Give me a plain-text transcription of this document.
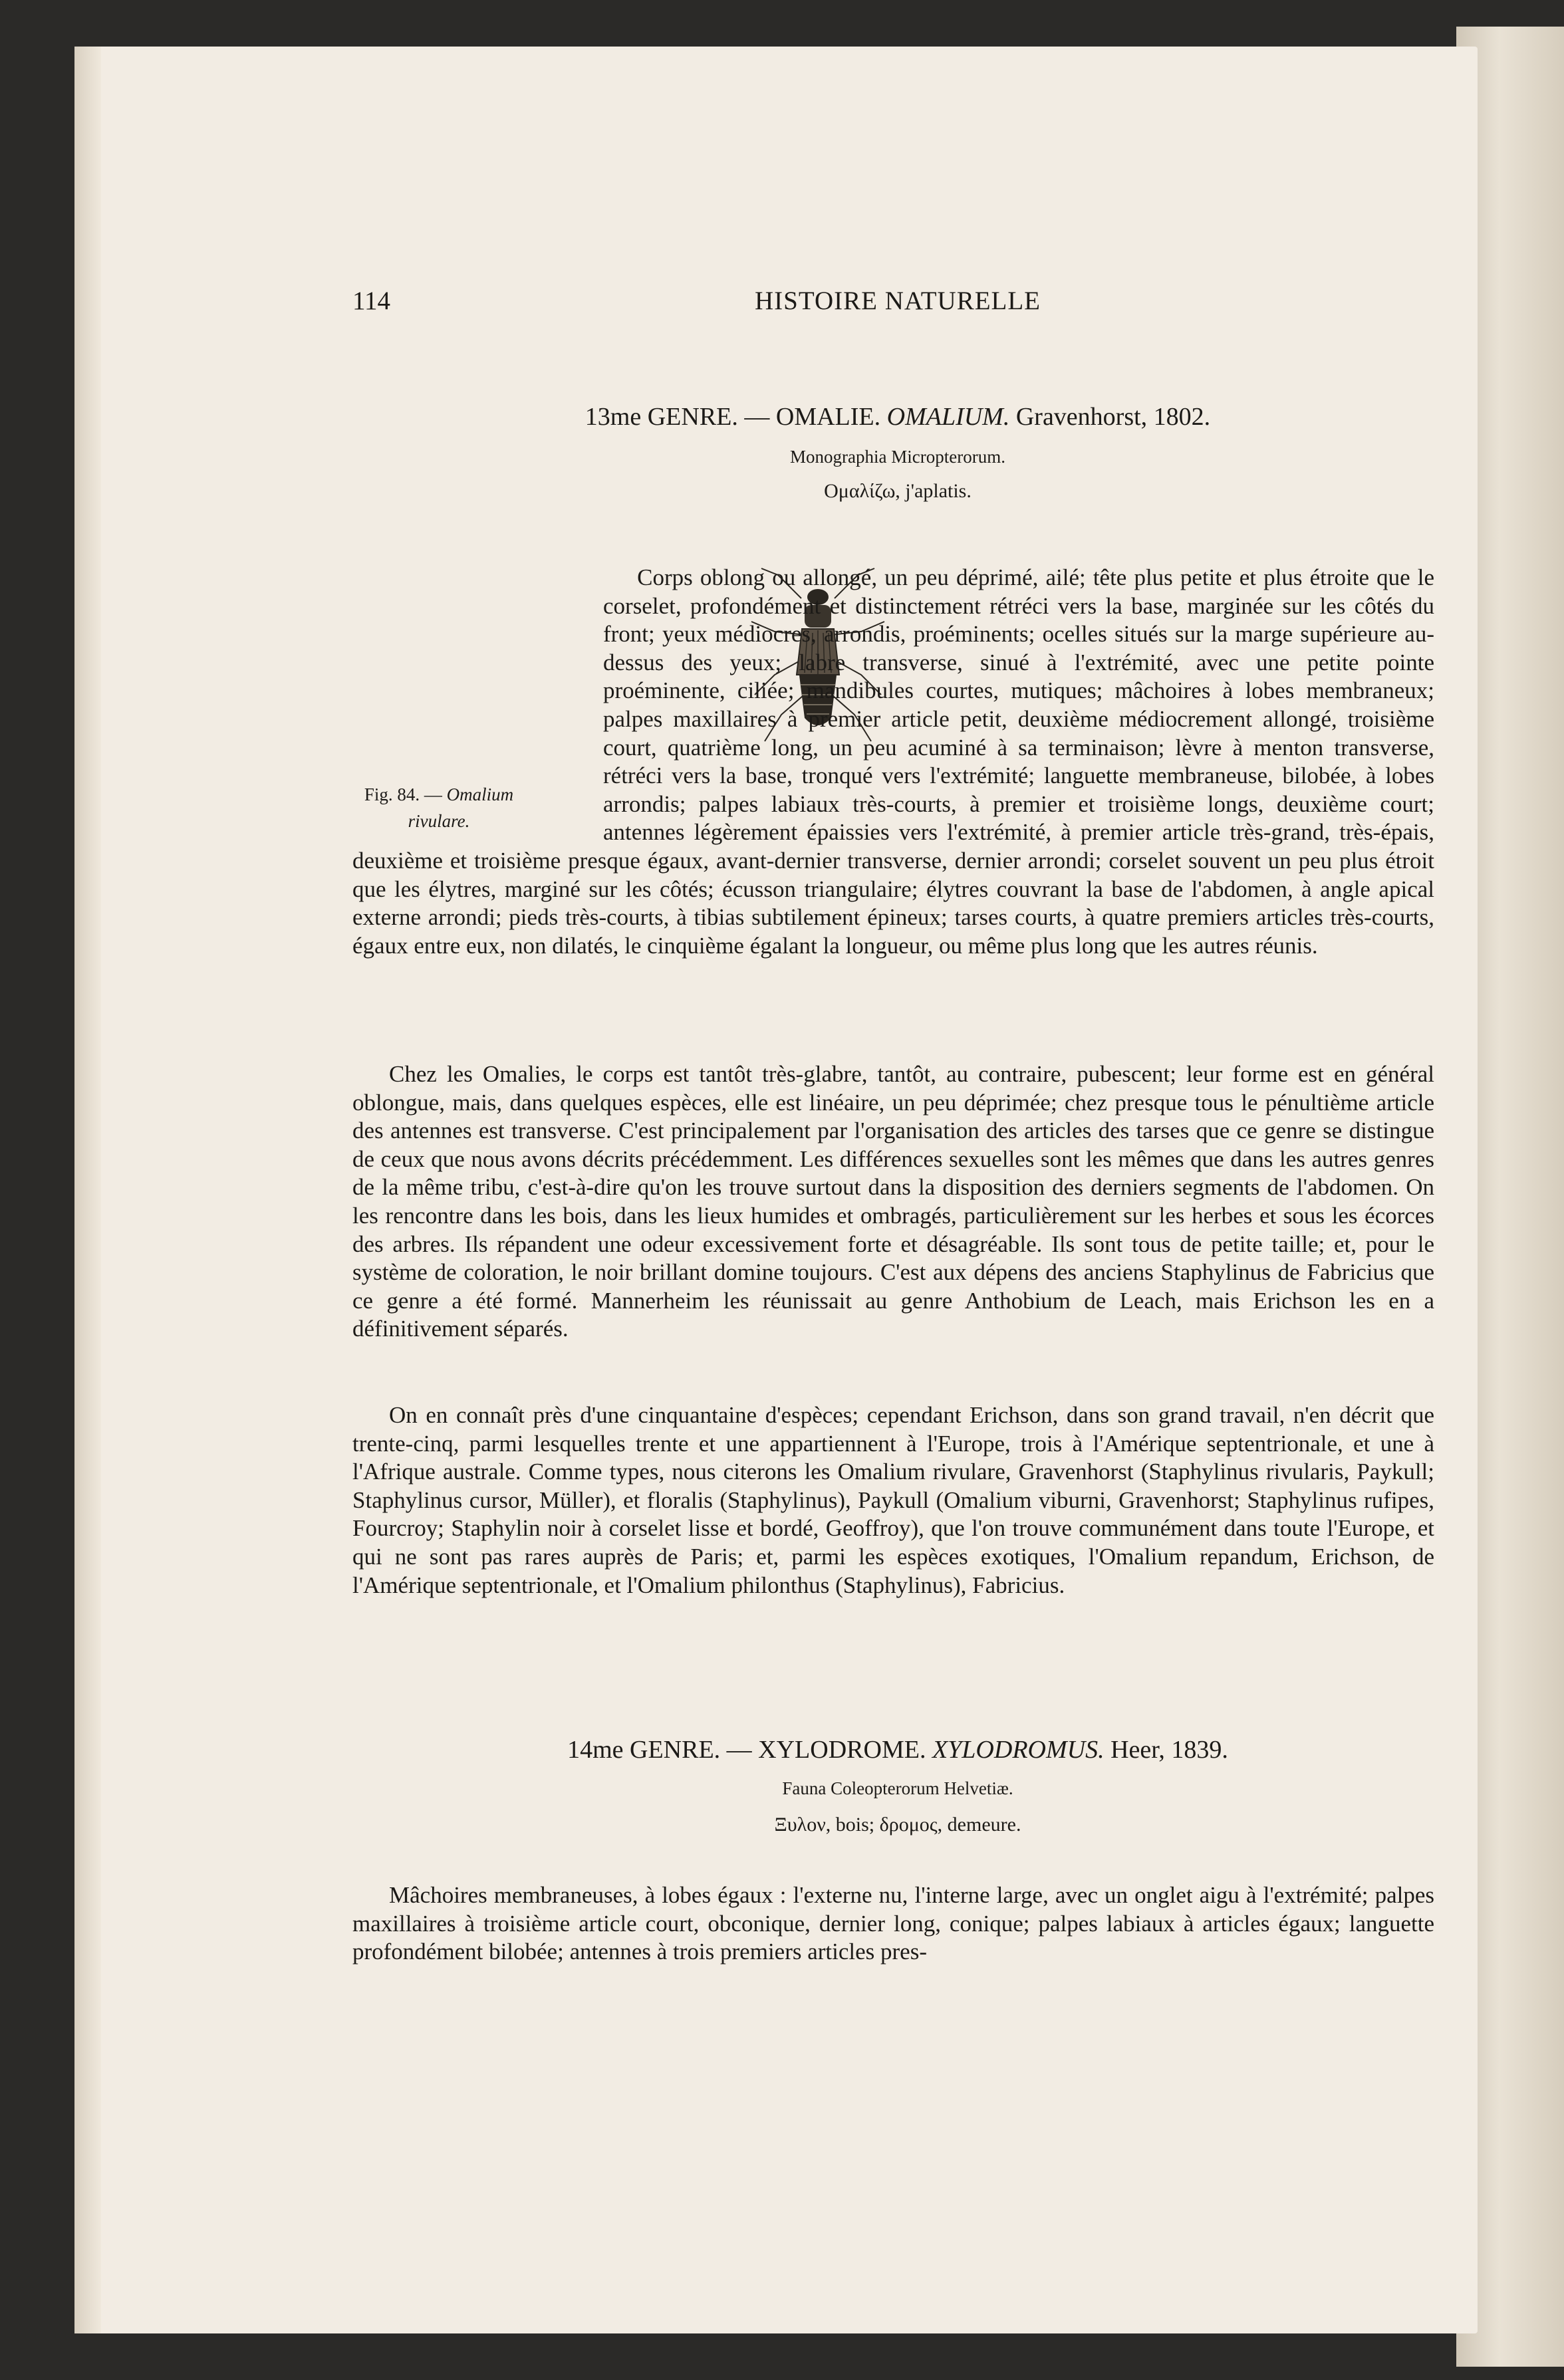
114	HISTOIRE NATURELLE
13me GENRE. — OMALIE. OMALIUM. Gravenhorst, 1802.
Monographia Micropterorum.
Ομαλίζω, j'aplatis.
Fig. 84. — Omalium rivulare.

Corps oblong ou allongé, un peu déprimé, ailé; tête plus petite et plus étroite que le corselet, profondément et distinctement rétréci vers la base, marginée sur les côtés du front; yeux médiocres, arrondis, proéminents; ocelles situés sur la marge supérieure au-dessus des yeux; labre transverse, sinué à l'extrémité, avec une petite pointe proéminente, ciliée; mandibules courtes, mutiques; mâchoires à lobes membraneux; palpes maxillaires à premier article petit, deuxième médiocrement allongé, troisième court, quatrième long, un peu acuminé à sa terminaison; lèvre à menton transverse, rétréci vers la base, tronqué vers l'extrémité; languette membraneuse, bilobée, à lobes arrondis; palpes labiaux très-courts, à premier et troisième longs, deuxième court; antennes légèrement épaissies vers l'extrémité, à premier article très-grand, très-épais, deuxième et troisième presque égaux, avant-dernier transverse, dernier arrondi; corselet souvent un peu plus étroit que les élytres, marginé sur les côtés; écusson triangulaire; élytres couvrant la base de l'abdomen, à angle apical externe arrondi; pieds très-courts, à tibias subtilement épineux; tarses courts, à quatre premiers articles très-courts, égaux entre eux, non dilatés, le cinquième égalant la longueur, ou même plus long que les autres réunis.

Chez les Omalies, le corps est tantôt très-glabre, tantôt, au contraire, pubescent; leur forme est en général oblongue, mais, dans quelques espèces, elle est linéaire, un peu déprimée; chez presque tous le pénultième article des antennes est transverse. C'est principalement par l'organisation des articles des tarses que ce genre se distingue de ceux que nous avons décrits précédemment. Les différences sexuelles sont les mêmes que dans les autres genres de la même tribu, c'est-à-dire qu'on les trouve surtout dans la disposition des derniers segments de l'abdomen. On les rencontre dans les bois, dans les lieux humides et ombragés, particulièrement sur les herbes et sous les écorces des arbres. Ils répandent une odeur excessivement forte et désagréable. Ils sont tous de petite taille; et, pour le système de coloration, le noir brillant domine toujours. C'est aux dépens des anciens Staphylinus de Fabricius que ce genre a été formé. Mannerheim les réunissait au genre Anthobium de Leach, mais Erichson les en a définitivement séparés.

On en connaît près d'une cinquantaine d'espèces; cependant Erichson, dans son grand travail, n'en décrit que trente-cinq, parmi lesquelles trente et une appartiennent à l'Europe, trois à l'Amérique septentrionale, et une à l'Afrique australe. Comme types, nous citerons les Omalium rivulare, Gravenhorst (Staphylinus rivularis, Paykull; Staphylinus cursor, Müller), et floralis (Staphylinus), Paykull (Omalium viburni, Gravenhorst; Staphylinus rufipes, Fourcroy; Staphylin noir à corselet lisse et bordé, Geoffroy), que l'on trouve communément dans toute l'Europe, et qui ne sont pas rares auprès de Paris; et, parmi les espèces exotiques, l'Omalium repandum, Erichson, de l'Amérique septentrionale, et l'Omalium philonthus (Staphylinus), Fabricius.

14me GENRE. — XYLODROME. XYLODROMUS. Heer, 1839.
Fauna Coleopterorum Helvetiæ.
Ξυλον, bois; δρομος, demeure.

Mâchoires membraneuses, à lobes égaux : l'externe nu, l'interne large, avec un onglet aigu à l'extrémité; palpes maxillaires à troisième article court, obconique, dernier long, conique; palpes labiaux à articles égaux; languette profondément bilobée; antennes à trois premiers articles pres-
